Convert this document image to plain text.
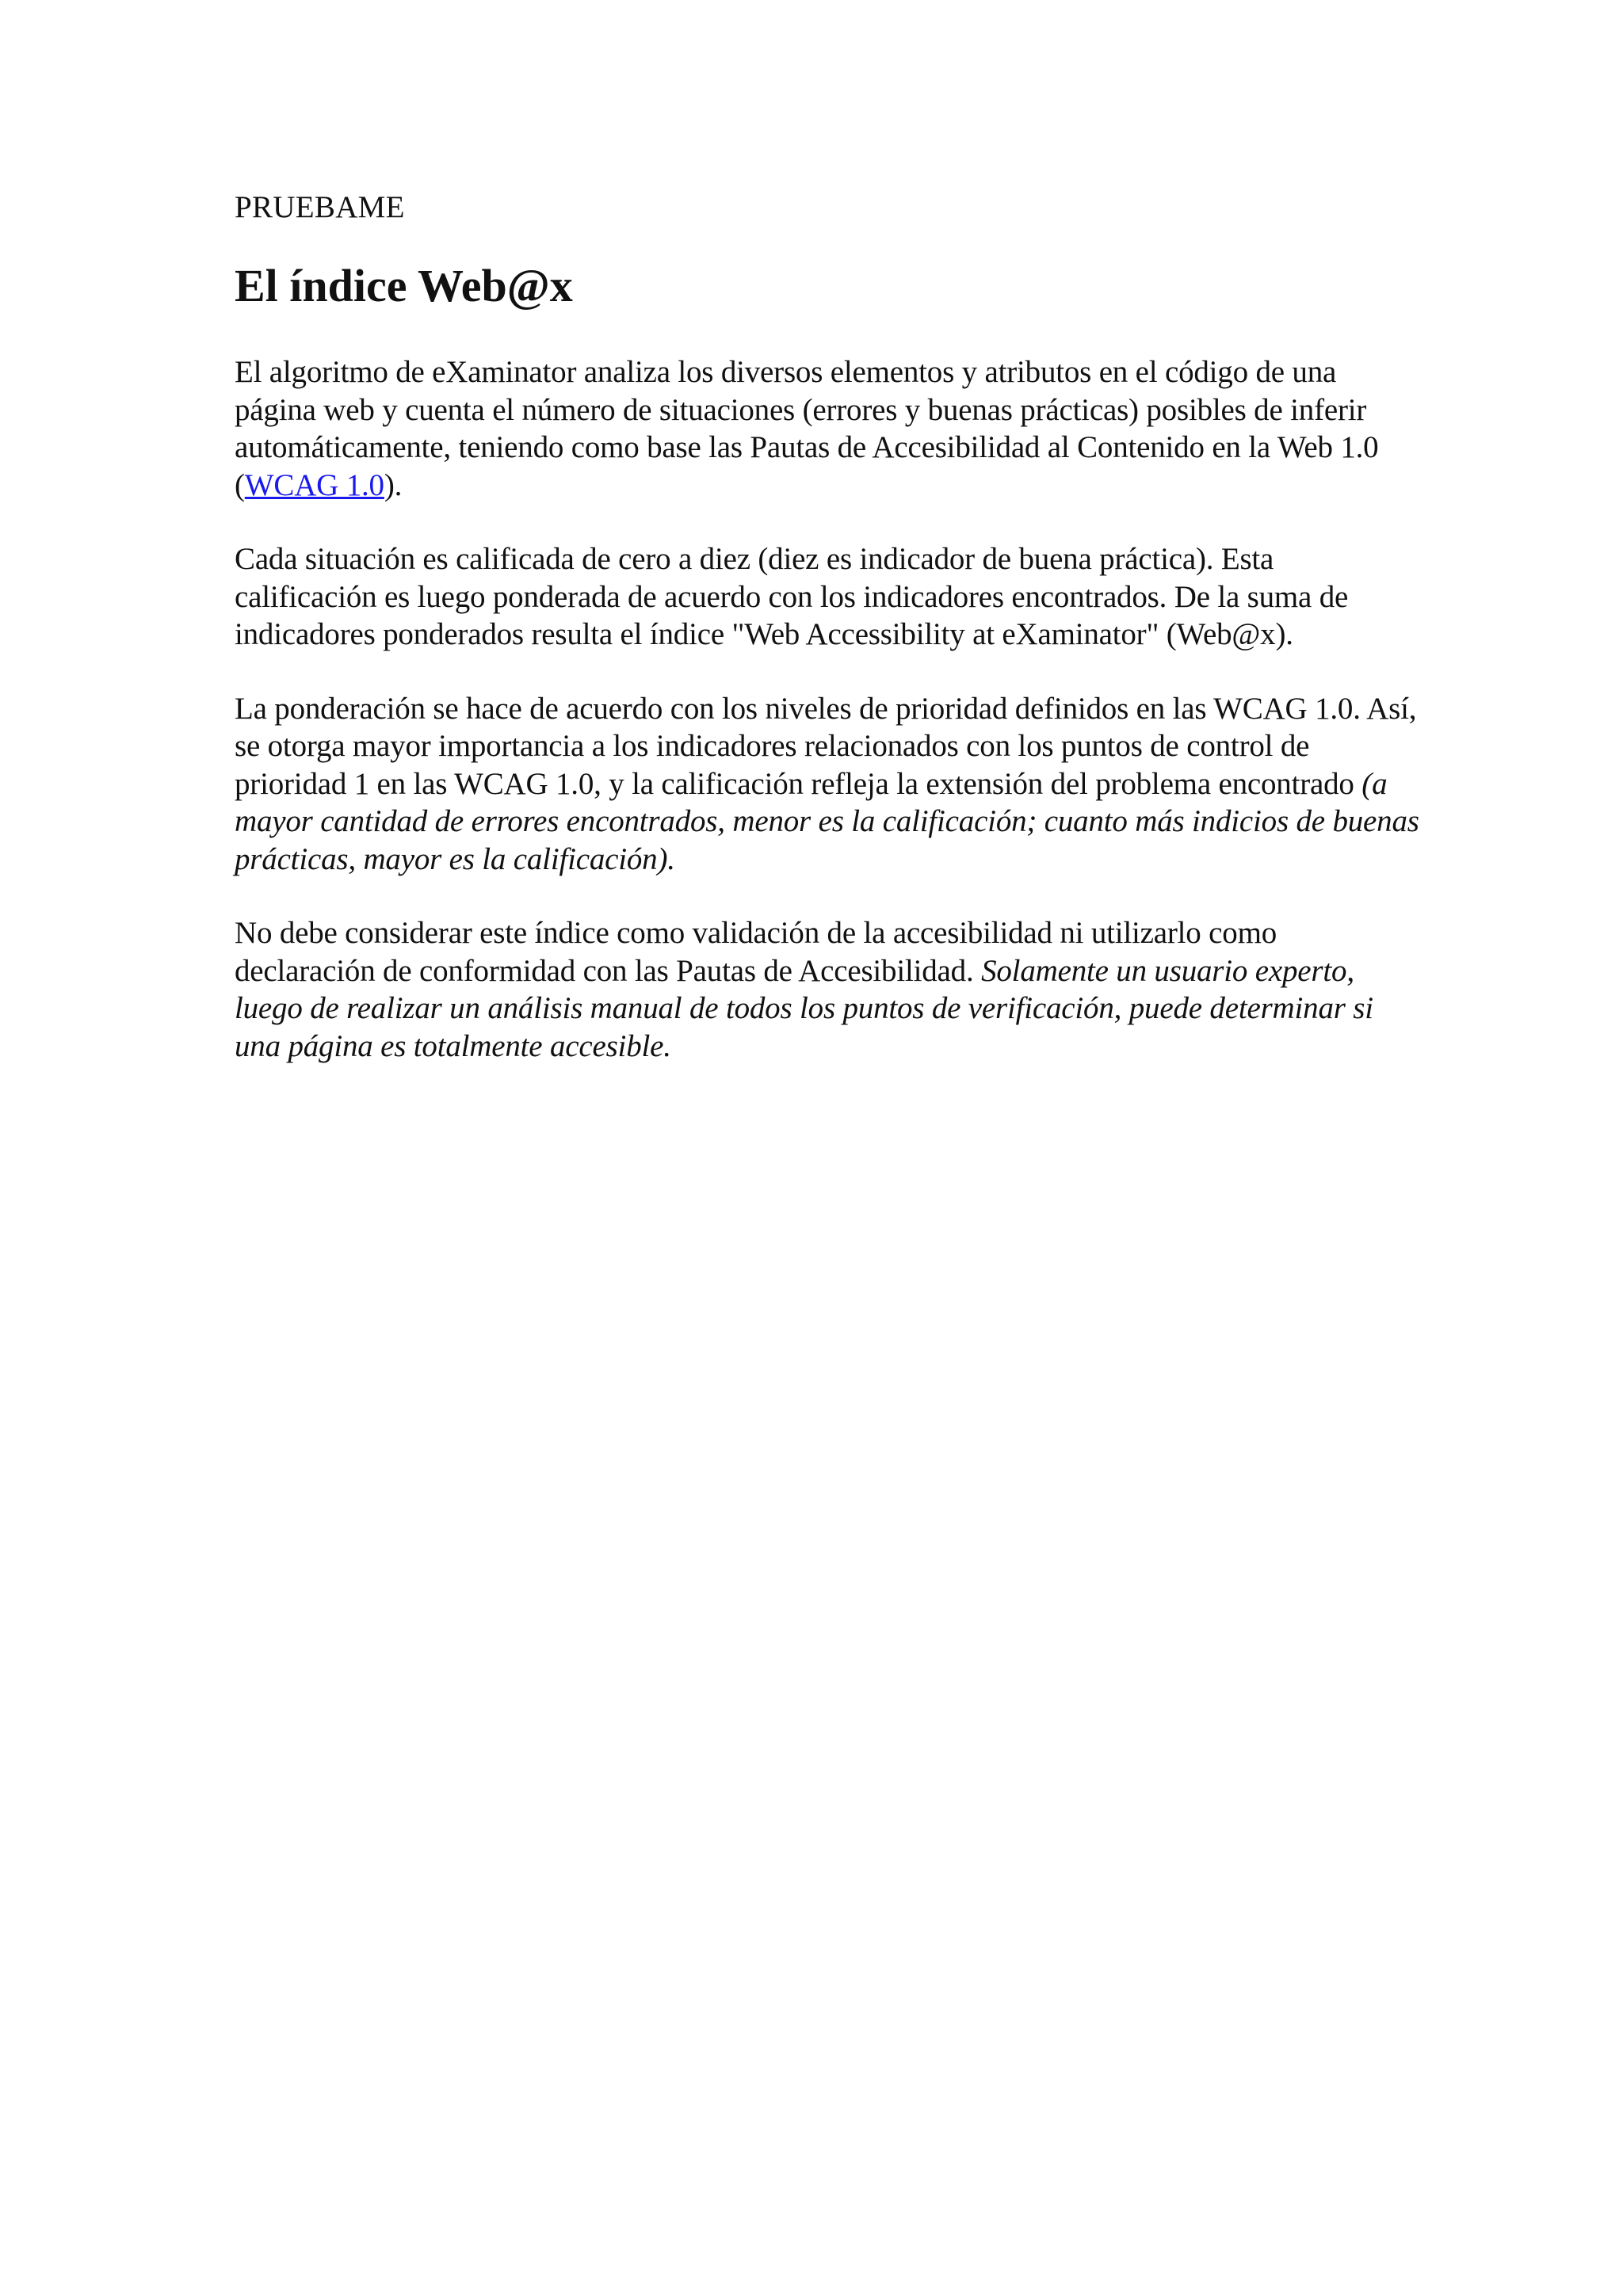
PRUEBAME
El índice Web@x

El algoritmo de eXaminator analiza los diversos elementos y atributos en el código de una página web y cuenta el número de situaciones (errores y buenas prácticas) posibles de inferir automáticamente, teniendo como base las Pautas de Accesibilidad al Contenido en la Web 1.0 (WCAG 1.0).

Cada situación es calificada de cero a diez (diez es indicador de buena práctica). Esta calificación es luego ponderada de acuerdo con los indicadores encontrados. De la suma de indicadores ponderados resulta el índice "Web Accessibility at eXaminator" (Web@x).

La ponderación se hace de acuerdo con los niveles de prioridad definidos en las WCAG 1.0. Así, se otorga mayor importancia a los indicadores relacionados con los puntos de control de prioridad 1 en las WCAG 1.0, y la calificación refleja la extensión del problema encontrado (a mayor cantidad de errores encontrados, menor es la calificación; cuanto más indicios de buenas prácticas, mayor es la calificación).

No debe considerar este índice como validación de la accesibilidad ni utilizarlo como declaración de conformidad con las Pautas de Accesibilidad. Solamente un usuario experto, luego de realizar un análisis manual de todos los puntos de verificación, puede determinar si una página es totalmente accesible.
